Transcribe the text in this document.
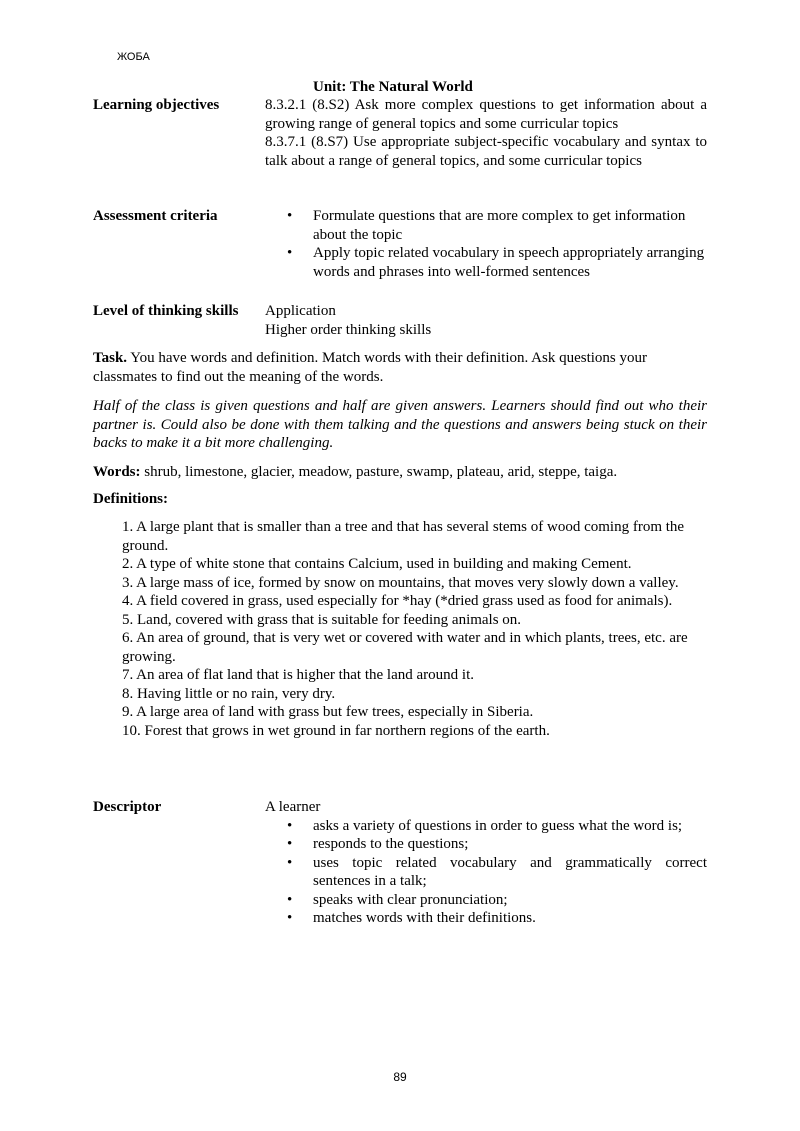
ЖОБА
Unit: The Natural World
Learning objectives	8.3.2.1 (8.S2) Ask more complex questions to get information about a growing range of general topics and some curricular topics
8.3.7.1 (8.S7) Use appropriate subject-specific vocabulary and syntax to talk about a range of general topics, and some curricular topics
Assessment criteria
•	Formulate questions that are more complex to get information about the topic
• Apply topic related vocabulary in speech appropriately arranging words and phrases into well-formed sentences
Level of thinking skills	Application
Higher order thinking skills
Task. You have words and definition. Match words with their definition. Ask questions your classmates to find out the meaning of the words.
Half of the class is given questions and half are given answers. Learners should find out who their partner is. Could also be done with them talking and the questions and answers being stuck on their backs to make it a bit more challenging.
Words: shrub, limestone, glacier, meadow, pasture, swamp, plateau, arid, steppe, taiga.
Definitions:
1. A large plant that is smaller than a tree and that has several stems of wood coming from the ground.
2. A type of white stone that contains Calcium, used in building and making Cement.
3. A large mass of ice, formed by snow on mountains, that moves very slowly down a valley.
4. A field covered in grass, used especially for *hay (*dried grass used as food for animals).
5. Land, covered with grass that is suitable for feeding animals on.
6. An area of ground, that is very wet or covered with water and in which plants, trees, etc. are growing.
7. An area of flat land that is higher that the land around it.
8. Having little or no rain, very dry.
9. A large area of land with grass but few trees, especially in Siberia.
10. Forest that grows in wet ground in far northern regions of the earth.
Descriptor	A learner
• asks a variety of questions in order to guess what the word is;
• responds to the questions;
• uses topic related vocabulary and grammatically correct sentences in a talk;
• speaks with clear pronunciation;
• matches words with their definitions.
89
